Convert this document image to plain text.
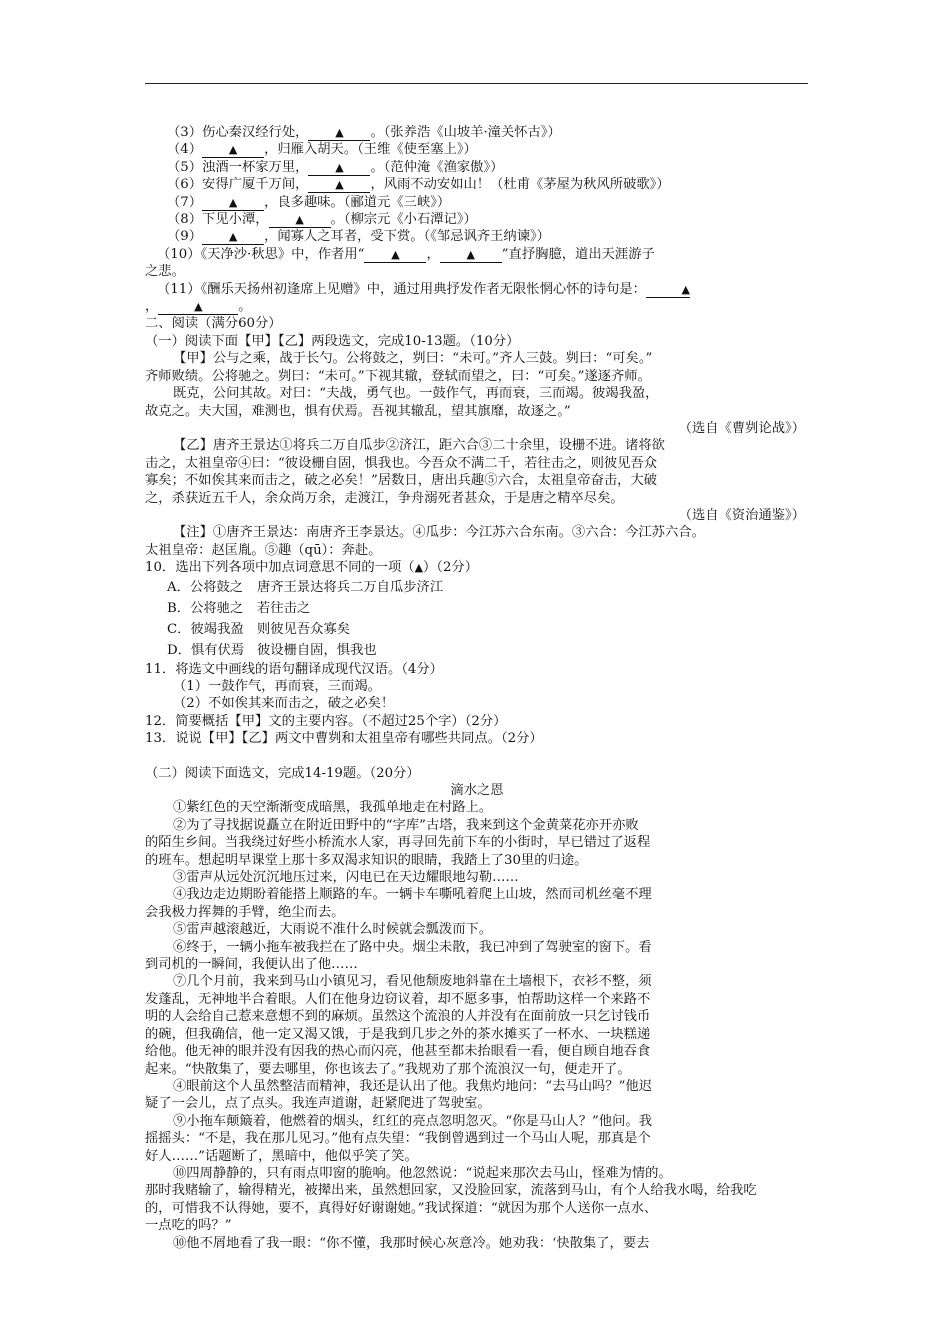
（3）伤心秦汉经行处， ▲ 。（张养浩《山坡羊·潼关怀古》）
（4） ▲ ，归雁入胡天。（王维《使至塞上》）
（5）浊酒一杯家万里， ▲ 。（范仲淹《渔家傲》）
（6）安得广厦千万间， ▲ ，风雨不动安如山！（杜甫《茅屋为秋风所破歌》）
（7） ▲ ，良多趣味。（郦道元《三峡》）
（8）下见小潭， ▲ 。（柳宗元《小石潭记》）
（9） ▲ ，闻寡人之耳者，受下赏。（《邹忌讽齐王纳谏》）
（10）《天净沙·秋思》中，作者用“ ▲ ， ▲ ”直抒胸臆，道出天涯游子
之悲。
（11）《酬乐天扬州初逢席上见赠》中，通过用典抒发作者无限怅惘心怀的诗句是：	▲
，	▲	。
二、阅读（满分60分）
（一）阅读下面【甲】【乙】两段选文，完成10-13题。（10分）
【甲】公与之乘，战于长勺。公将鼓之，刿曰：“未可。”齐人三鼓。刿曰：“可矣。”
齐师败绩。公将驰之。刿曰：“未可。”下视其辙，登轼而望之，曰：“可矣。”遂逐齐师。
既克，公问其故。对曰：“夫战，勇气也。一鼓作气，再而衰，三而竭。彼竭我盈，
故克之。夫大国，难测也，惧有伏焉。吾视其辙乱，望其旗靡，故逐之。”
（选自《曹刿论战》）
【乙】唐齐王景达①将兵二万自瓜步②济江，距六合③二十余里，设栅不进。诸将欲
击之，太祖皇帝④曰：“彼设栅自固，惧我也。今吾众不满二千，若往击之，则彼见吾众
寡矣；不如俟其来而击之，破之必矣！”居数日，唐出兵趣⑤六合，太祖皇帝奋击，大破
之，杀获近五千人，余众尚万余，走渡江，争舟溺死者甚众，于是唐之精卒尽矣。
（选自《资治通鉴》）
【注】①唐齐王景达：南唐齐王李景达。④瓜步：今江苏六合东南。③六合：今江苏六合。
太祖皇帝：赵匡胤。⑤趣（qū）：奔赴。
10．选出下列各项中加点词意思不同的一项（▲）（2分）
A．公将鼓之 唐齐王景达将兵二万自瓜步济江
B．公将驰之 若往击之
C．彼竭我盈 则彼见吾众寡矣
D．惧有伏焉 彼设栅自固，惧我也
11．将选文中画线的语句翻译成现代汉语。（4分）
（1）一鼓作气，再而衰，三而竭。
（2）不如俟其来而击之，破之必矣！
12．简要概括【甲】文的主要内容。（不超过25个字）（2分）
13．说说【甲】【乙】两文中曹刿和太祖皇帝有哪些共同点。（2分）
（二）阅读下面选文，完成14-19题。（20分）
滴水之恩
①紫红色的天空渐渐变成暗黑，我孤单地走在村路上。
②为了寻找据说矗立在附近田野中的“字库”古塔，我来到这个金黄菜花亦开亦败
的陌生乡间。当我绕过好些小桥流水人家，再寻回先前下车的小街时，早已错过了返程
的班车。想起明早课堂上那十多双渴求知识的眼睛，我踏上了30里的归途。
③雷声从远处沉沉地压过来，闪电已在天边耀眼地勾勒……
④我边走边期盼着能搭上顺路的车。一辆卡车嘶吼着爬上山坡，然而司机丝毫不理
会我极力挥舞的手臂，绝尘而去。
⑤雷声越滚越近，大雨说不准什么时候就会瓢泼而下。
⑥终于，一辆小拖车被我拦在了路中央。烟尘未散，我已冲到了驾驶室的窗下。看
到司机的一瞬间，我便认出了他……
⑦几个月前，我来到马山小镇见习，看见他颓废地斜靠在土墙根下，衣衫不整，须
发蓬乱，无神地半合着眼。人们在他身边窃议着，却不愿多事，怕帮助这样一个来路不
明的人会给自己惹来意想不到的麻烦。虽然这个流浪的人并没有在面前放一只乞讨钱币
的碗，但我确信，他一定又渴又饿，于是我到几步之外的茶水摊买了一杯水、一块糕递
给他。他无神的眼并没有因我的热心而闪亮，他甚至都未抬眼看一看，便自顾自地吞食
起来。“快散集了，要去哪里，你也该去了。”我规劝了那个流浪汉一句，便走开了。
④眼前这个人虽然整洁而精神，我还是认出了他。我焦灼地问：“去马山吗？”他迟
疑了一会儿，点了点头。我连声道谢，赶紧爬进了驾驶室。
⑨小拖车颠簸着，他燃着的烟头，红红的亮点忽明忽灭。“你是马山人？”他问。我
摇摇头：“不是，我在那儿见习。”他有点失望：“我倒曾遇到过一个马山人呢，那真是个
好人……”话题断了，黑暗中，他似乎笑了笑。
⑩四周静静的，只有雨点叩窗的脆响。他忽然说：“说起来那次去马山，怪难为情的。
那时我赌输了，输得精光，被撵出来，虽然想回家，又没脸回家，流落到马山，有个人给我水喝，给我吃
的，可惜我不认得她，要不，真得好好谢谢她。”我试探道：“就因为那个人送你一点水、
一点吃的吗？”
⑩他不屑地看了我一眼：“你不懂，我那时候心灰意冷。她劝我：‘快散集了，要去
